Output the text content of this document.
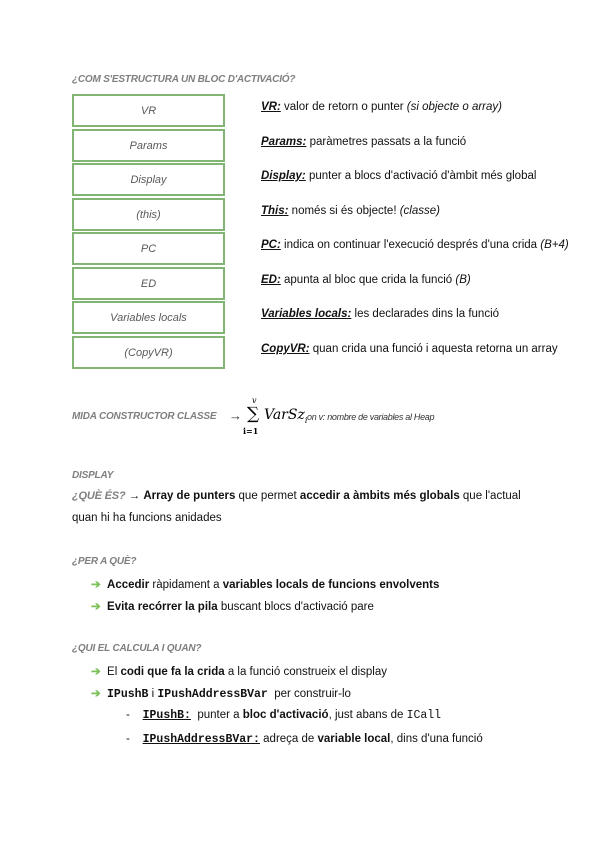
¿COM S'ESTRUCTURA UN BLOC D'ACTIVACIÓ?
VR
Params
Display
(this)
PC
ED
Variables locals
(CopyVR)
VR: valor de retorn o punter (si objecte o array)
Params: paràmetres passats a la funció
Display: punter a blocs d'activació d'àmbit més global
This: només si és objecte! (classe)
PC: indica on continuar l'execució després d'una crida (B+4)
ED: apunta al bloc que crida la funció (B)
Variables locals: les declarades dins la funció
CopyVR: quan crida una funció i aquesta retorna un array
MIDA CONSTRUCTOR CLASSE →
v
∑
i=1
VarSz$_i$ on v: nombre de variables al Heap
DISPLAY
¿QUÈ ÉS? → Array de punters que permet accedir a àmbits més globals que l'actual
quan hi ha funcions anidades
¿PER A QUÈ?
➔ Accedir ràpidament a variables locals de funcions envolvents
➔ Evita recórrer la pila buscant blocs d'activació pare
¿QUI EL CALCULA I QUAN?
➔ El codi que fa la crida a la funció construeix el display
➔ IPushB i IPushAddressBVar  per construir-lo
- IPushB:  punter a bloc d'activació, just abans de ICall
- IPushAddressBVar: adreça de variable local, dins d'una funció
